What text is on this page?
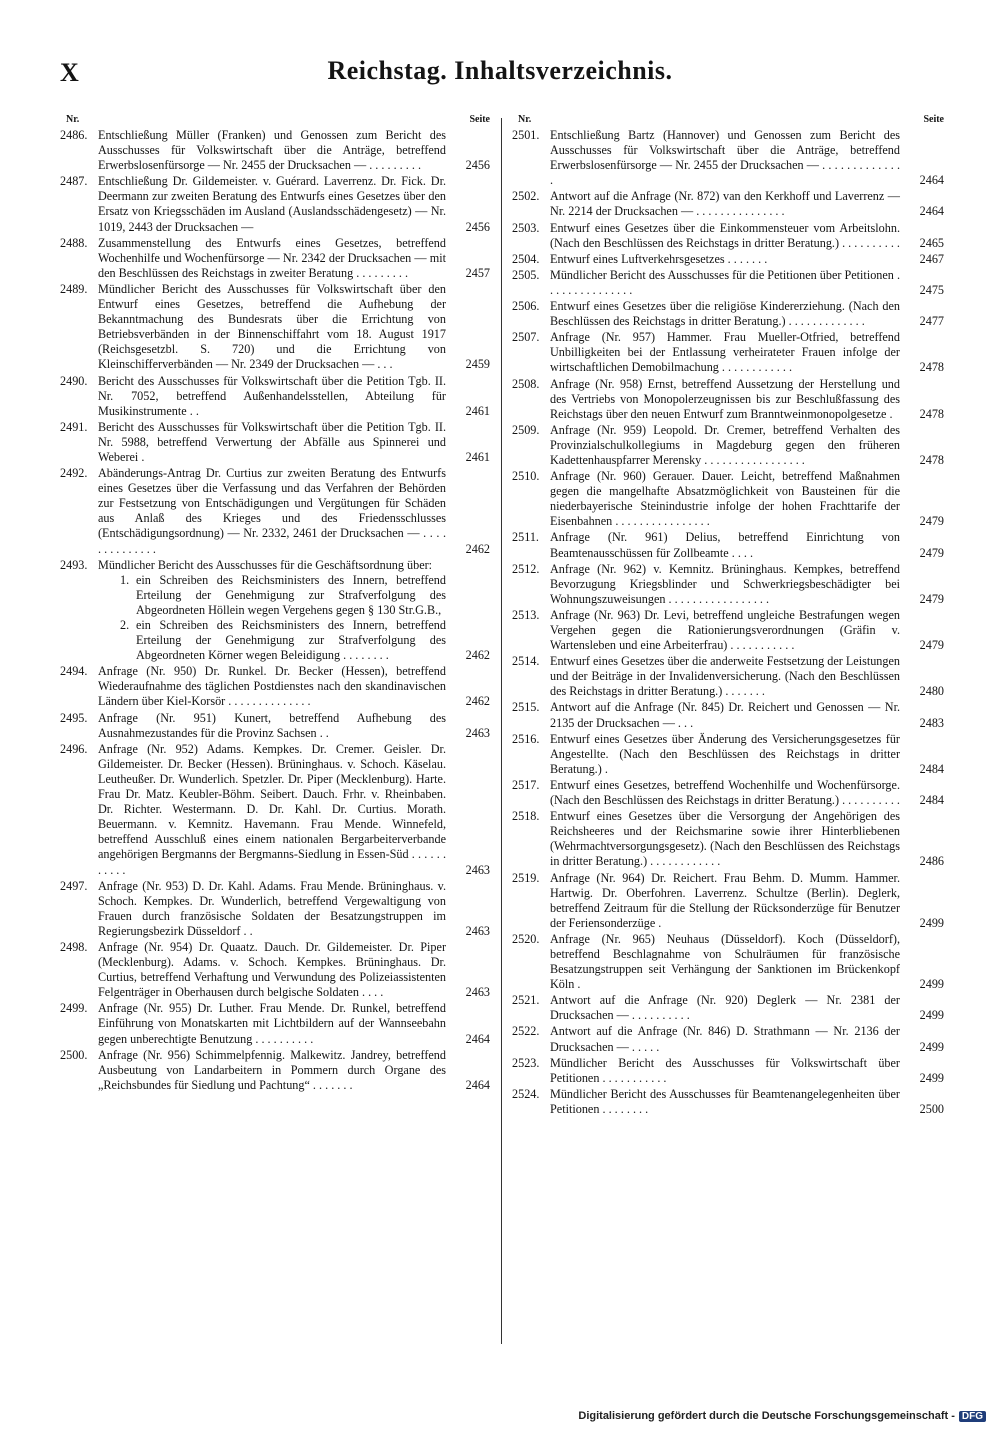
X	Reichstag. Inhaltsverzeichnis.
Nr.	Seite
2486. Entschließung Müller (Franken) und Genossen zum Bericht des Ausschusses für Volkswirtschaft über die Anträge, betreffend Erwerbslosenfürsorge — Nr. 2455 der Drucksachen — . . . . . . . . .	2456
2487. Entschließung Dr. Gildemeister. v. Guérard. Laverrenz. Dr. Fick. Dr. Deermann zur zweiten Beratung des Entwurfs eines Gesetzes über den Ersatz von Kriegsschäden im Ausland (Auslandsschädengesetz) — Nr. 1019, 2443 der Drucksachen —	2456
2488. Zusammenstellung des Entwurfs eines Gesetzes, betreffend Wochenhilfe und Wochenfürsorge — Nr. 2342 der Drucksachen — mit den Beschlüssen des Reichstags in zweiter Beratung . . . . . . . . .	2457
2489. Mündlicher Bericht des Ausschusses für Volkswirtschaft über den Entwurf eines Gesetzes, betreffend die Aufhebung der Bekanntmachung des Bundesrats über die Errichtung von Betriebsverbänden in der Binnenschiffahrt vom 18. August 1917 (Reichsgesetzbl. S. 720) und die Errichtung von Kleinschifferverbänden — Nr. 2349 der Drucksachen — . . .	2459
2490. Bericht des Ausschusses für Volkswirtschaft über die Petition Tgb. II. Nr. 7052, betreffend Außenhandelsstellen, Abteilung für Musikinstrumente . .	2461
2491. Bericht des Ausschusses für Volkswirtschaft über die Petition Tgb. II. Nr. 5988, betreffend Verwertung der Abfälle aus Spinnerei und Weberei .	2461
2492. Abänderungs-Antrag Dr. Curtius zur zweiten Beratung des Entwurfs eines Gesetzes über die Verfassung und das Verfahren der Behörden zur Festsetzung von Entschädigungen und Vergütungen für Schäden aus Anlaß des Krieges und des Friedensschlusses (Entschädigungsordnung) — Nr. 2332, 2461 der Drucksachen — . . . . . . . . . . . . . .	2462
2493. Mündlicher Bericht des Ausschusses für die Geschäftsordnung über:
1. ein Schreiben des Reichsministers des Innern, betreffend Erteilung der Genehmigung zur Strafverfolgung des Abgeordneten Höllein wegen Vergehens gegen § 130 Str.G.B.,
2. ein Schreiben des Reichsministers des Innern, betreffend Erteilung der Genehmigung zur Strafverfolgung des Abgeordneten Körner wegen Beleidigung . . . . . . . .	2462
2494. Anfrage (Nr. 950) Dr. Runkel. Dr. Becker (Hessen), betreffend Wiederaufnahme des täglichen Postdienstes nach den skandinavischen Ländern über Kiel-Korsör . . . . . . . . . . . . . .	2462
2495. Anfrage (Nr. 951) Kunert, betreffend Aufhebung des Ausnahmezustandes für die Provinz Sachsen . .	2463
2496. Anfrage (Nr. 952) Adams. Kempkes. Dr. Cremer. Geisler. Dr. Gildemeister. Dr. Becker (Hessen). Brüninghaus. v. Schoch. Käselau. Leutheußer. Dr. Wunderlich. Spetzler. Dr. Piper (Mecklenburg). Harte. Frau Dr. Matz. Keubler-Böhm. Seibert. Dauch. Frhr. v. Rheinbaben. Dr. Richter. Westermann. D. Dr. Kahl. Dr. Curtius. Morath. Beuermann. v. Kemnitz. Havemann. Frau Mende. Winnefeld, betreffend Ausschluß eines einem nationalen Bergarbeiterverbande angehörigen Bergmanns der Bergmanns-Siedlung in Essen-Süd . . . . . . . . . . .	2463
2497. Anfrage (Nr. 953) D. Dr. Kahl. Adams. Frau Mende. Brüninghaus. v. Schoch. Kempkes. Dr. Wunderlich, betreffend Vergewaltigung von Frauen durch französische Soldaten der Besatzungstruppen im Regierungsbezirk Düsseldorf . .	2463
2498. Anfrage (Nr. 954) Dr. Quaatz. Dauch. Dr. Gildemeister. Dr. Piper (Mecklenburg). Adams. v. Schoch. Kempkes. Brüninghaus. Dr. Curtius, betreffend Verhaftung und Verwundung des Polizeiassistenten Felgenträger in Oberhausen durch belgische Soldaten . . . .	2463
2499. Anfrage (Nr. 955) Dr. Luther. Frau Mende. Dr. Runkel, betreffend Einführung von Monatskarten mit Lichtbildern auf der Wannseebahn gegen unberechtigte Benutzung . . . . . . . . . .	2464
2500. Anfrage (Nr. 956) Schimmelpfennig. Malkewitz. Jandrey, betreffend Ausbeutung von Landarbeitern in Pommern durch Organe des „Reichsbundes für Siedlung und Pachtung“ . . . . . . .	2464
Nr.	Seite
2501. Entschließung Bartz (Hannover) und Genossen zum Bericht des Ausschusses für Volkswirtschaft über die Anträge, betreffend Erwerbslosenfürsorge — Nr. 2455 der Drucksachen — . . . . . . . . . . . . . .	2464
2502. Antwort auf die Anfrage (Nr. 872) van den Kerkhoff und Laverrenz — Nr. 2214 der Drucksachen — . . . . . . . . . . . . . . .	2464
2503. Entwurf eines Gesetzes über die Einkommensteuer vom Arbeitslohn. (Nach den Beschlüssen des Reichstags in dritter Beratung.) . . . . . . . . . . 2465
2504. Entwurf eines Luftverkehrsgesetzes . . . . . . .	2467
2505. Mündlicher Bericht des Ausschusses für die Petitionen über Petitionen . . . . . . . . . . . . . . .	2475
2506. Entwurf eines Gesetzes über die religiöse Kindererziehung. (Nach den Beschlüssen des Reichstags in dritter Beratung.) . . . . . . . . . . . . .	2477
2507. Anfrage (Nr. 957) Hammer. Frau Mueller-Otfried, betreffend Unbilligkeiten bei der Entlassung verheirateter Frauen infolge der wirtschaftlichen Demobilmachung . . . . . . . . . . . .	2478
2508. Anfrage (Nr. 958) Ernst, betreffend Aussetzung der Herstellung und des Vertriebs von Monopolerzeugnissen bis zur Beschlußfassung des Reichstags über den neuen Entwurf zum Branntweinmonopolgesetze . 2478
2509. Anfrage (Nr. 959) Leopold. Dr. Cremer, betreffend Verhalten des Provinzialschulkollegiums in Magdeburg gegen den früheren Kadettenhauspfarrer Merensky . . . . . . . . . . . . . . . . .	2478
2510. Anfrage (Nr. 960) Gerauer. Dauer. Leicht, betreffend Maßnahmen gegen die mangelhafte Absatzmöglichkeit von Bausteinen für die niederbayerische Steinindustrie infolge der hohen Frachttarife der Eisenbahnen . . . . . . . . . . . . . . . .	2479
2511. Anfrage (Nr. 961) Delius, betreffend Einrichtung von Beamtenausschüssen für Zollbeamte . . . .	2479
2512. Anfrage (Nr. 962) v. Kemnitz. Brüninghaus. Kempkes, betreffend Bevorzugung Kriegsblinder und Schwerkriegsbeschädigter bei Wohnungszuweisungen . . . . . . . . . . . . . . . . .	2479
2513. Anfrage (Nr. 963) Dr. Levi, betreffend ungleiche Bestrafungen wegen Vergehen gegen die Rationierungsverordnungen (Gräfin v. Wartensleben und eine Arbeiterfrau) . . . . . . . . . . .	2479
2514. Entwurf eines Gesetzes über die anderweite Festsetzung der Leistungen und der Beiträge in der Invalidenversicherung. (Nach den Beschlüssen des Reichstags in dritter Beratung.) . . . . . . .	2480
2515. Antwort auf die Anfrage (Nr. 845) Dr. Reichert und Genossen — Nr. 2135 der Drucksachen — . . .	2483
2516. Entwurf eines Gesetzes über Änderung des Versicherungsgesetzes für Angestellte. (Nach den Beschlüssen des Reichstags in dritter Beratung.) .	2484
2517. Entwurf eines Gesetzes, betreffend Wochenhilfe und Wochenfürsorge. (Nach den Beschlüssen des Reichstags in dritter Beratung.) . . . . . . . . . . 2484
2518. Entwurf eines Gesetzes über die Versorgung der Angehörigen des Reichsheeres und der Reichsmarine sowie ihrer Hinterbliebenen (Wehrmachtversorgungsgesetz). (Nach den Beschlüssen des Reichstags in dritter Beratung.) . . . . . . . . . . . .	2486
2519. Anfrage (Nr. 964) Dr. Reichert. Frau Behm. D. Mumm. Hammer. Hartwig. Dr. Oberfohren. Laverrenz. Schultze (Berlin). Deglerk, betreffend Zeitraum für die Stellung der Rücksonderzüge für Benutzer der Feriensonderzüge .	2499
2520. Anfrage (Nr. 965) Neuhaus (Düsseldorf). Koch (Düsseldorf), betreffend Beschlagnahme von Schulräumen für französische Besatzungstruppen seit Verhängung der Sanktionen im Brückenkopf Köln .	2499
2521. Antwort auf die Anfrage (Nr. 920) Deglerk — Nr. 2381 der Drucksachen — . . . . . . . . . .	2499
2522. Antwort auf die Anfrage (Nr. 846) D. Strathmann — Nr. 2136 der Drucksachen — . . . . .	2499
2523. Mündlicher Bericht des Ausschusses für Volkswirtschaft über Petitionen . . . . . . . . . . .	2499
2524. Mündlicher Bericht des Ausschusses für Beamtenangelegenheiten über Petitionen . . . . . . . .	2500
Digitalisierung gefördert durch die Deutsche Forschungsgemeinschaft - DFG
